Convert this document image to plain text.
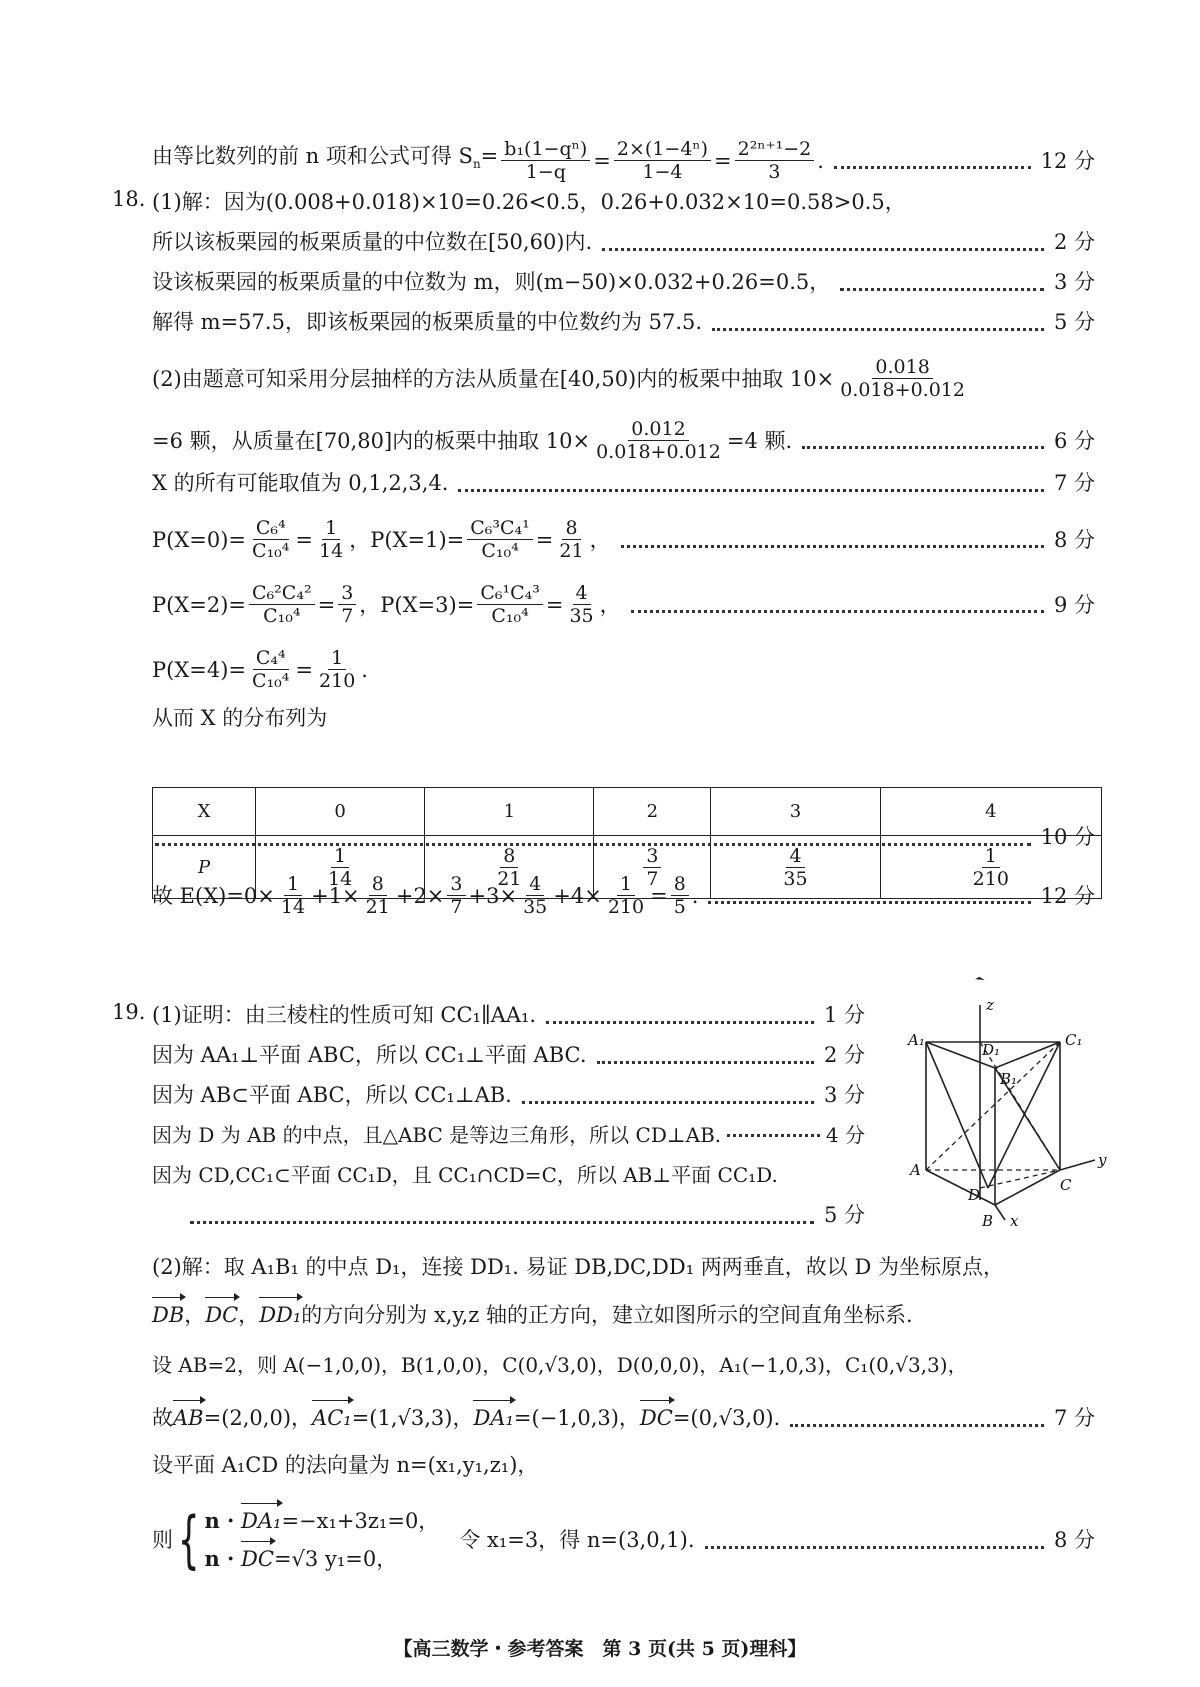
由等比数列的前 n 项和公式可得 $S_n= \frac{\text{b₁(1−qⁿ)}}{1-q} = \frac{\text{2×(1−4ⁿ)}}{1-4} = \frac{\text{2²ⁿ⁺¹−2}}{3}$ .	12 分
18. (1)解：因为(0.008+0.018)×10=0.26<0.5，0.26+0.032×10=0.58>0.5，
所以该板栗园的板栗质量的中位数在[50,60)内.	2 分
设该板栗园的板栗质量的中位数为 m，则(m−50)×0.032+0.26=0.5，	3 分
解得 m=57.5，即该板栗园的板栗质量的中位数约为 57.5.	5 分
(2)由题意可知采用分层抽样的方法从质量在[40,50)内的板栗中抽取 $10\times \frac{0.018}{0.018+0.012}$
=6 颗，从质量在[70,80]内的板栗中抽取 $10\times \frac{0.012}{0.018+0.012} =4$ 颗.	6 分
X 的所有可能取值为 0,1,2,3,4.	7 分
$P(X=0)= \frac{\text{C₆⁴}}{\text{C₁₀⁴}} = \frac{1}{14}$ ，$P(X=1)= \frac{\text{C₆³C₄¹}}{\text{C₁₀⁴}} = \frac{8}{21}$ ，	8 分
$P(X=2)= \frac{\text{C₆²C₄²}}{\text{C₁₀⁴}} = \frac{3}{7}$ ，$P(X=3)= \frac{\text{C₆¹C₄³}}{\text{C₁₀⁴}} = \frac{4}{35}$ ，	9 分
$P(X=4)= \frac{\text{C₄⁴}}{\text{C₁₀⁴}} = \frac{1}{210}$ .
从而 X 的分布列为
X	0	1	2	3	4
P	$\frac{1}{14}$	$\frac{8}{21}$	$\frac{3}{7}$	$\frac{4}{35}$	$\frac{1}{210}$
10 分
故 $E(X)=0\times \frac{1}{14} +1\times \frac{8}{21} +2\times \frac{3}{7} +3\times \frac{4}{35} +4\times \frac{1}{210} = \frac{8}{5}$ .	12 分
19. (1)证明：由三棱柱的性质可知 CC₁∥AA₁.	1 分
因为 AA₁⊥平面 ABC，所以 CC₁⊥平面 ABC.	2 分
因为 AB⊂平面 ABC，所以 CC₁⊥AB.	3 分
因为 D 为 AB 的中点，且△ABC 是等边三角形，所以 CD⊥AB.	4 分
因为 CD,CC₁⊂平面 CC₁D，且 CC₁∩CD=C，所以 AB⊥平面 CC₁D.
5 分
z
A₁
D₁
C₁
B₁
A
D
C
B x
y
(2)解：取 A₁B₁ 的中点 D₁，连接 DD₁. 易证 DB,DC,DD₁ 两两垂直，故以 D 为坐标原点，
DB ， DC ， DD₁ 的方向分别为 x,y,z 轴的正方向，建立如图所示的空间直角坐标系.
设 AB=2，则 A(−1,0,0)，B(1,0,0)，C(0,√3,0)，D(0,0,0)，A₁(−1,0,3)，C₁(0,√3,3)，
故 AB =(2,0,0)， AC₁ =(1,√3,3)， DA₁ =(−1,0,3)， DC =(0,√3,0).	7 分
设平面 A₁CD 的法向量为 n=(x₁,y₁,z₁)，
则 { n · DA₁=−x₁+3z₁=0，
n · DC=√3 y₁=0，
令 x₁=3，得 n=(3,0,1).	8 分
【高三数学・参考答案　第 3 页(共 5 页)理科】
